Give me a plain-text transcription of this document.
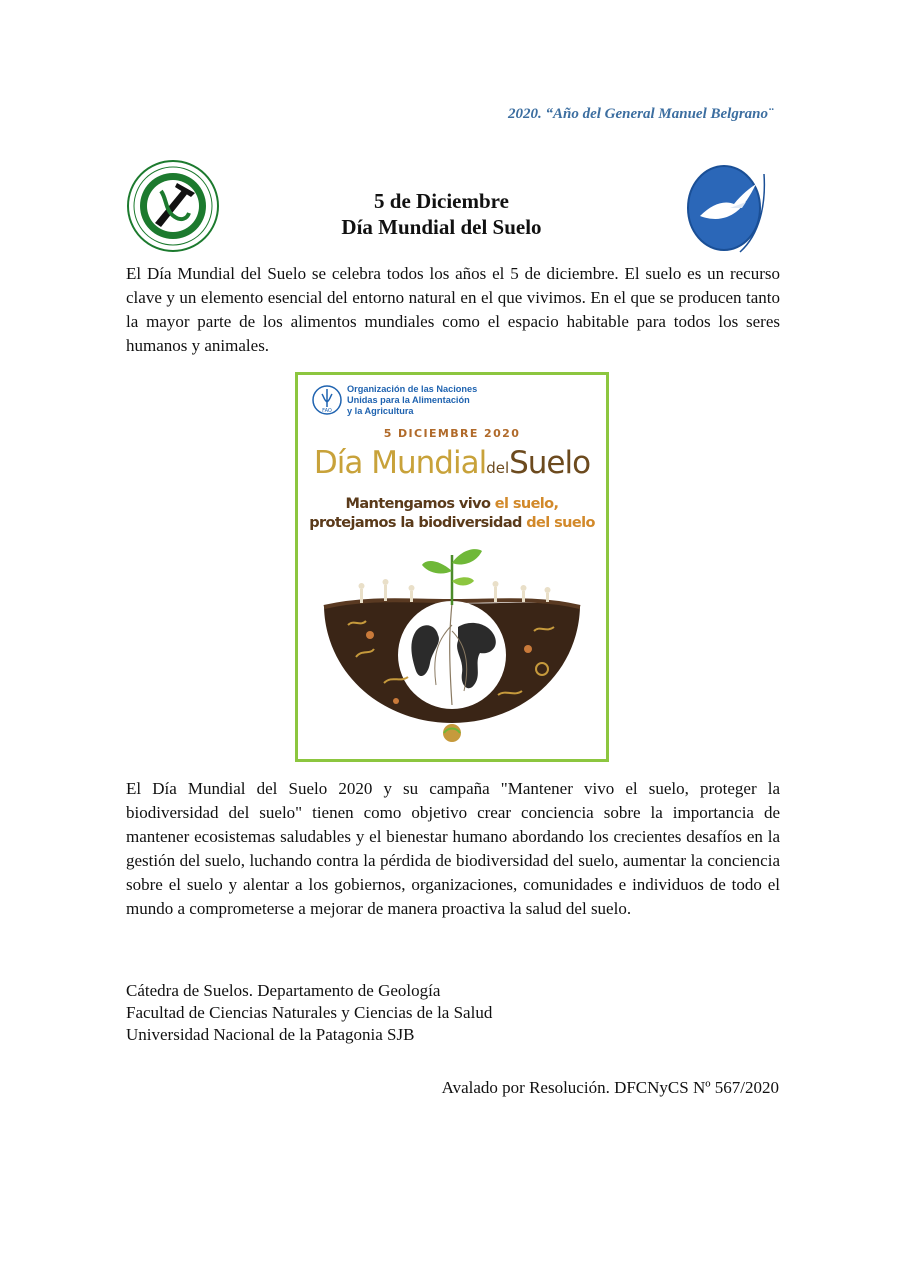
2020. “Año del General Manuel Belgrano¨
5 de Diciembre
Día Mundial del Suelo

El Día Mundial del Suelo se celebra todos los años el 5 de diciembre. El suelo es un recurso clave y un elemento esencial del entorno natural en el que vivimos. En el que se producen tanto la mayor parte de los alimentos mundiales como el espacio habitable para todos los seres humanos y animales.

FAO
Organización de las Naciones
Unidas para la Alimentación
y la Agricultura
5 DICIEMBRE 2020
Día MundialdelSuelo
Mantengamos vivo el suelo,
protejamos la biodiversidad del suelo

El Día Mundial del Suelo 2020 y su campaña "Mantener vivo el suelo, proteger la biodiversidad del suelo" tienen como objetivo crear conciencia sobre la importancia de mantener ecosistemas saludables y el bienestar humano abordando los crecientes desafíos en la gestión del suelo, luchando contra la pérdida de biodiversidad del suelo, aumentar la conciencia sobre el suelo y alentar a los gobiernos, organizaciones, comunidades e individuos de todo el mundo a comprometerse a mejorar de manera proactiva la salud del suelo.

Cátedra de Suelos. Departamento de Geología
Facultad de Ciencias Naturales y Ciencias de la Salud
Universidad Nacional de la Patagonia SJB
Avalado por Resolución. DFCNyCS Nº 567/2020
